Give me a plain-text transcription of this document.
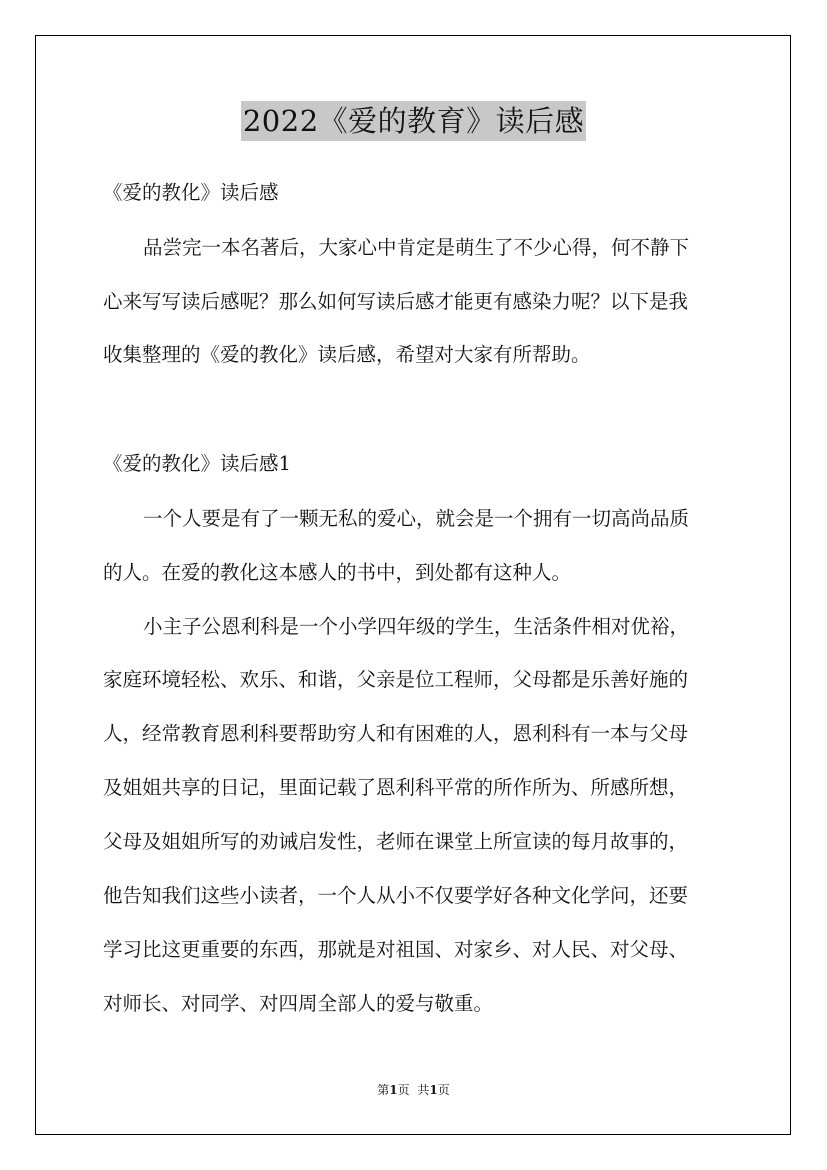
2022《爱的教育》读后感
《爱的教化》读后感
品尝完一本名著后，大家心中肯定是萌生了不少心得，何不静下
心来写写读后感呢？那么如何写读后感才能更有感染力呢？以下是我
收集整理的《爱的教化》读后感，希望对大家有所帮助。
《爱的教化》读后感1
一个人要是有了一颗无私的爱心，就会是一个拥有一切高尚品质
的人。在爱的教化这本感人的书中，到处都有这种人。
小主子公恩利科是一个小学四年级的学生，生活条件相对优裕，
家庭环境轻松、欢乐、和谐，父亲是位工程师，父母都是乐善好施的
人，经常教育恩利科要帮助穷人和有困难的人，恩利科有一本与父母
及姐姐共享的日记，里面记载了恩利科平常的所作所为、所感所想，
父母及姐姐所写的劝诫启发性，老师在课堂上所宣读的每月故事的，
他告知我们这些小读者，一个人从小不仅要学好各种文化学问，还要
学习比这更重要的东西，那就是对祖国、对家乡、对人民、对父母、
对师长、对同学、对四周全部人的爱与敬重。
第1页 共1页
